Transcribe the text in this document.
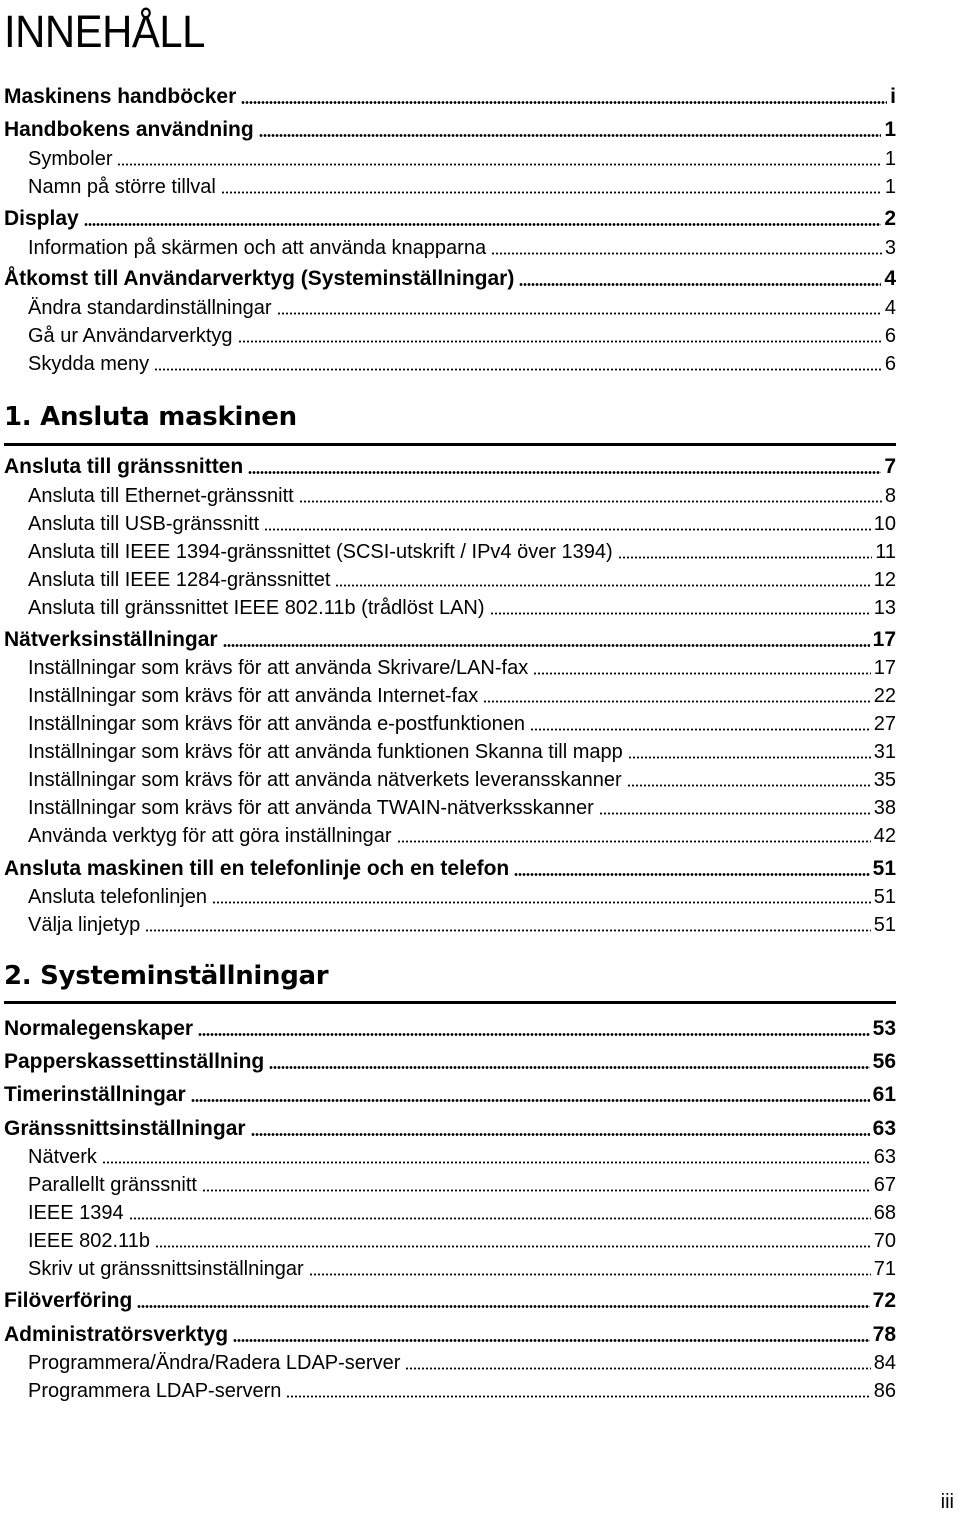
INNEHÅLL
Maskinens handböcker	i
Handbokens användning	1
Symboler	1
Namn på större tillval	1
Display	2
Information på skärmen och att använda knapparna	3
Åtkomst till Användarverktyg (Systeminställningar)	4
Ändra standardinställningar	4
Gå ur Användarverktyg	6
Skydda meny	6
1. Ansluta maskinen
Ansluta till gränssnitten	7
Ansluta till Ethernet-gränssnitt	8
Ansluta till USB-gränssnitt	10
Ansluta till IEEE 1394-gränssnittet (SCSI-utskrift / IPv4 över 1394)	11
Ansluta till IEEE 1284-gränssnittet	12
Ansluta till gränssnittet IEEE 802.11b (trådlöst LAN)	13
Nätverksinställningar	17
Inställningar som krävs för att använda Skrivare/LAN-fax	17
Inställningar som krävs för att använda Internet-fax	22
Inställningar som krävs för att använda e-postfunktionen	27
Inställningar som krävs för att använda funktionen Skanna till mapp	31
Inställningar som krävs för att använda nätverkets leveransskanner	35
Inställningar som krävs för att använda TWAIN-nätverksskanner	38
Använda verktyg för att göra inställningar	42
Ansluta maskinen till en telefonlinje och en telefon	51
Ansluta telefonlinjen	51
Välja linjetyp	51
2. Systeminställningar
Normalegenskaper	53
Papperskassettinställning	56
Timerinställningar	61
Gränssnittsinställningar	63
Nätverk	63
Parallellt gränssnitt	67
IEEE 1394	68
IEEE 802.11b	70
Skriv ut gränssnittsinställningar	71
Filöverföring	72
Administratörsverktyg	78
Programmera/Ändra/Radera LDAP-server	84
Programmera LDAP-servern	86
iii
